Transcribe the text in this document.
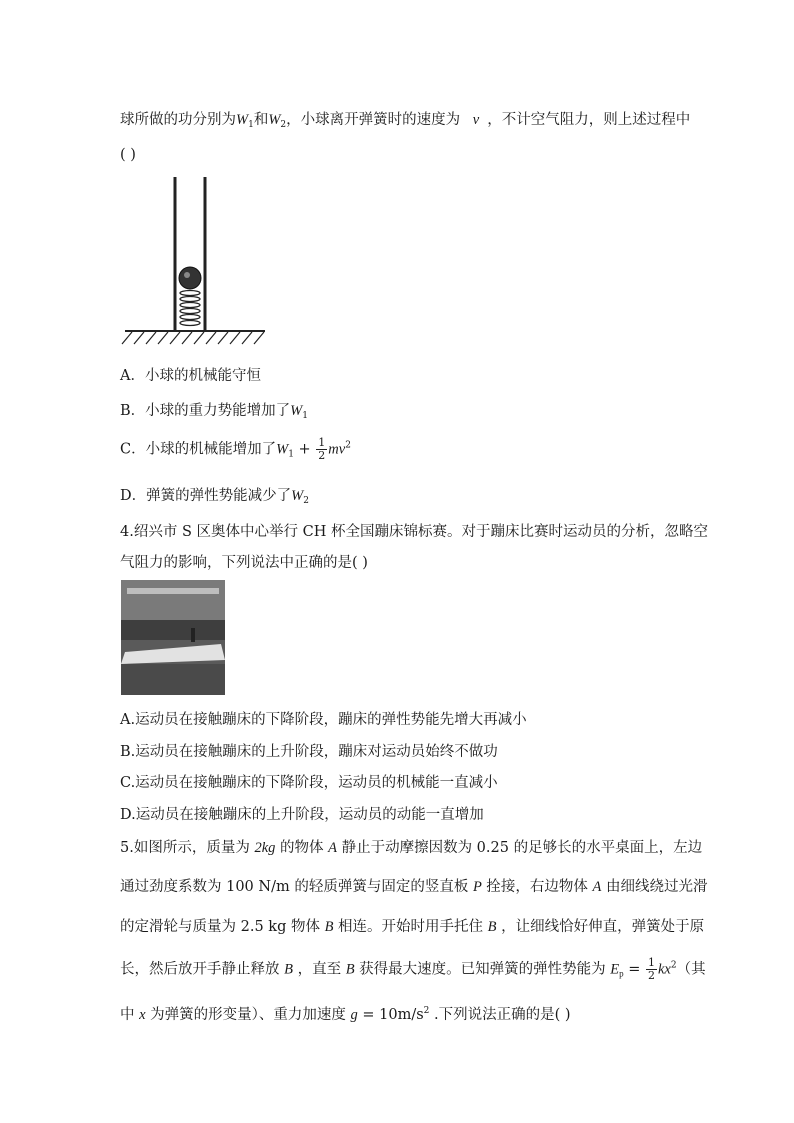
球所做的功分别为$W_1$和$W_2$，小球离开弹簧时的速度为 v ，不计空气阻力，则上述过程中
( )
A．小球的机械能守恒
B．小球的重力势能增加了$W_1$
C．小球的机械能增加了$W_1 + \frac{1}{2} mv^2$
D．弹簧的弹性势能减少了$W_2$
4.绍兴市 S 区奥体中心举行 CH 杯全国蹦床锦标赛。对于蹦床比赛时运动员的分析，忽略空
气阻力的影响，下列说法中正确的是( )
A.运动员在接触蹦床的下降阶段，蹦床的弹性势能先增大再减小
B.运动员在接触蹦床的上升阶段，蹦床对运动员始终不做功
C.运动员在接触蹦床的下降阶段，运动员的机械能一直减小
D.运动员在接触蹦床的上升阶段，运动员的动能一直增加
5.如图所示，质量为 2kg 的物体 A 静止于动摩擦因数为 0.25 的足够长的水平桌面上，左边
通过劲度系数为 100 N/m 的轻质弹簧与固定的竖直板 P 拴接，右边物体 A 由细线绕过光滑
的定滑轮与质量为 2.5 kg 物体 B 相连。开始时用手托住 B ，让细线恰好伸直，弹簧处于原
长，然后放开手静止释放 B ，直至 B 获得最大速度。已知弹簧的弹性势能为 $E_p = \frac{1}{2} kx^2$（其
中 x 为弹簧的形变量）、重力加速度 $g = 10m/s^2$ .下列说法正确的是( )
